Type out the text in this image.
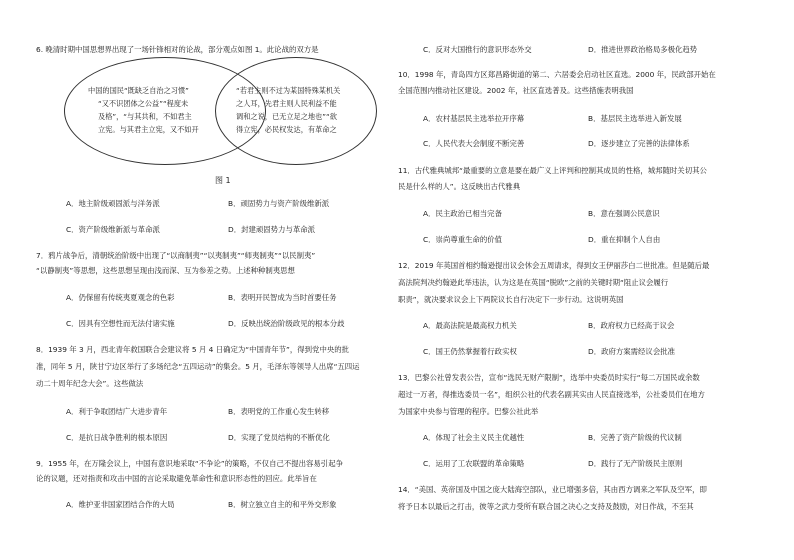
6. 晚清时期中国思想界出现了一场针锋相对的论战，部分观点如图 1。此论战的双方是
中国的国民“既缺乏自治之习惯”
“又不识团体之公益”“程度未
及格”，“与其共和，不如君主
立宪。与其君主立宪，又不如开
“若君主则不过为某国特殊某机关
之人耳，先君主则人民利益不能
调和之说，已无立足之地也”“欲
得立宪，必民权发达，有革命之
图 1
A．地主阶级顽固派与洋务派	B．顽固势力与资产阶级维新派
C．资产阶级维新派与革命派	D．封建顽固势力与革命派
7．鸦片战争后，清朝统治阶级中出现了“以商制夷”“以夷制夷”“师夷制夷”“以民制夷”
“以静制夷”等思想，这些思想呈现由浅而深、互为参差之势。上述种种制夷思想
A．仍保留有传统夷夏观念的色彩	B．表明开民智成为当时首要任务
C．因具有空想性而无法付诸实施	D．反映出统治阶级政见的根本分歧
8．1939 年 3 月，西北青年救国联合会建议将 5 月 4 日确定为“中国青年节”，得到党中央的批
准，同年 5 月，陕甘宁边区举行了多场纪念“五四运动”的集会。5 月，毛泽东等领导人出席“五四运
动二十周年纪念大会”。这些做法
A．利于争取团结广大进步青年	B．表明党的工作重心发生转移
C．是抗日战争胜利的根本原因	D．实现了党员结构的不断优化
9．1955 年，在万隆会议上，中国有意识地采取“不争论”的策略，不仅自己不提出容易引起争
论的议题，还对指责和攻击中国的言论采取避免革命性和意识形态性的回应。此举旨在
A．维护亚非国家团结合作的大局	B．树立独立自主的和平外交形象
C．反对大国推行的意识形态外交	D．推进世界政治格局多极化趋势
10．1998 年，青岛四方区郑昌路街道的第二、六居委会启动社区直选。2000 年，民政部开始在
全国范围内推动社区建设。2002 年，社区直选普及。这些措施表明我国
A．农村基层民主选举拉开序幕	B．基层民主选举进入新发展
C．人民代表大会制度不断完善	D．逐步建立了完善的法律体系
11．古代雅典城邦“最重要的立意是要在最广义上评判和控制其成员的性格，城邦随时关切其公
民是什么样的人”。这反映出古代雅典
A．民主政治已相当完备	B．意在强调公民意识
C．崇尚尊重生命的价值	D．重在抑制个人自由
12．2019 年英国首相约翰逊提出议会休会五周请求，得到女王伊丽莎白二世批准。但是随后最
高法院判决约翰逊此举违法，认为这是在英国“脱欧”之前的关键时期“阻止议会履行
职责”，就决要求议会上下两院议长自行决定下一步行动。这说明英国
A．最高法院是最高权力机关	B．政府权力已经高于议会
C．国王仍然掌握着行政实权	D．政府方案需经议会批准
13．巴黎公社曾发表公告，宣布“选民无财产限制”，选举中央委员时实行“每二万国民或余数
超过一万者，得推选委员一名”，组织公社的代表名副其实由人民直接选举，公社委员们在地方
为国家中央参与管理的程序。巴黎公社此举
A．体现了社会主义民主优越性	B．完善了资产阶级的代议制
C．运用了工农联盟的革命策略	D．践行了无产阶级民主原则
14．“美国、英帝国及中国之庞大陆海空部队，业已增强多倍，其由西方调来之军队及空军，即
将予日本以最后之打击，彼等之武力受所有联合国之决心之支持及鼓励，对日作战，不至其
